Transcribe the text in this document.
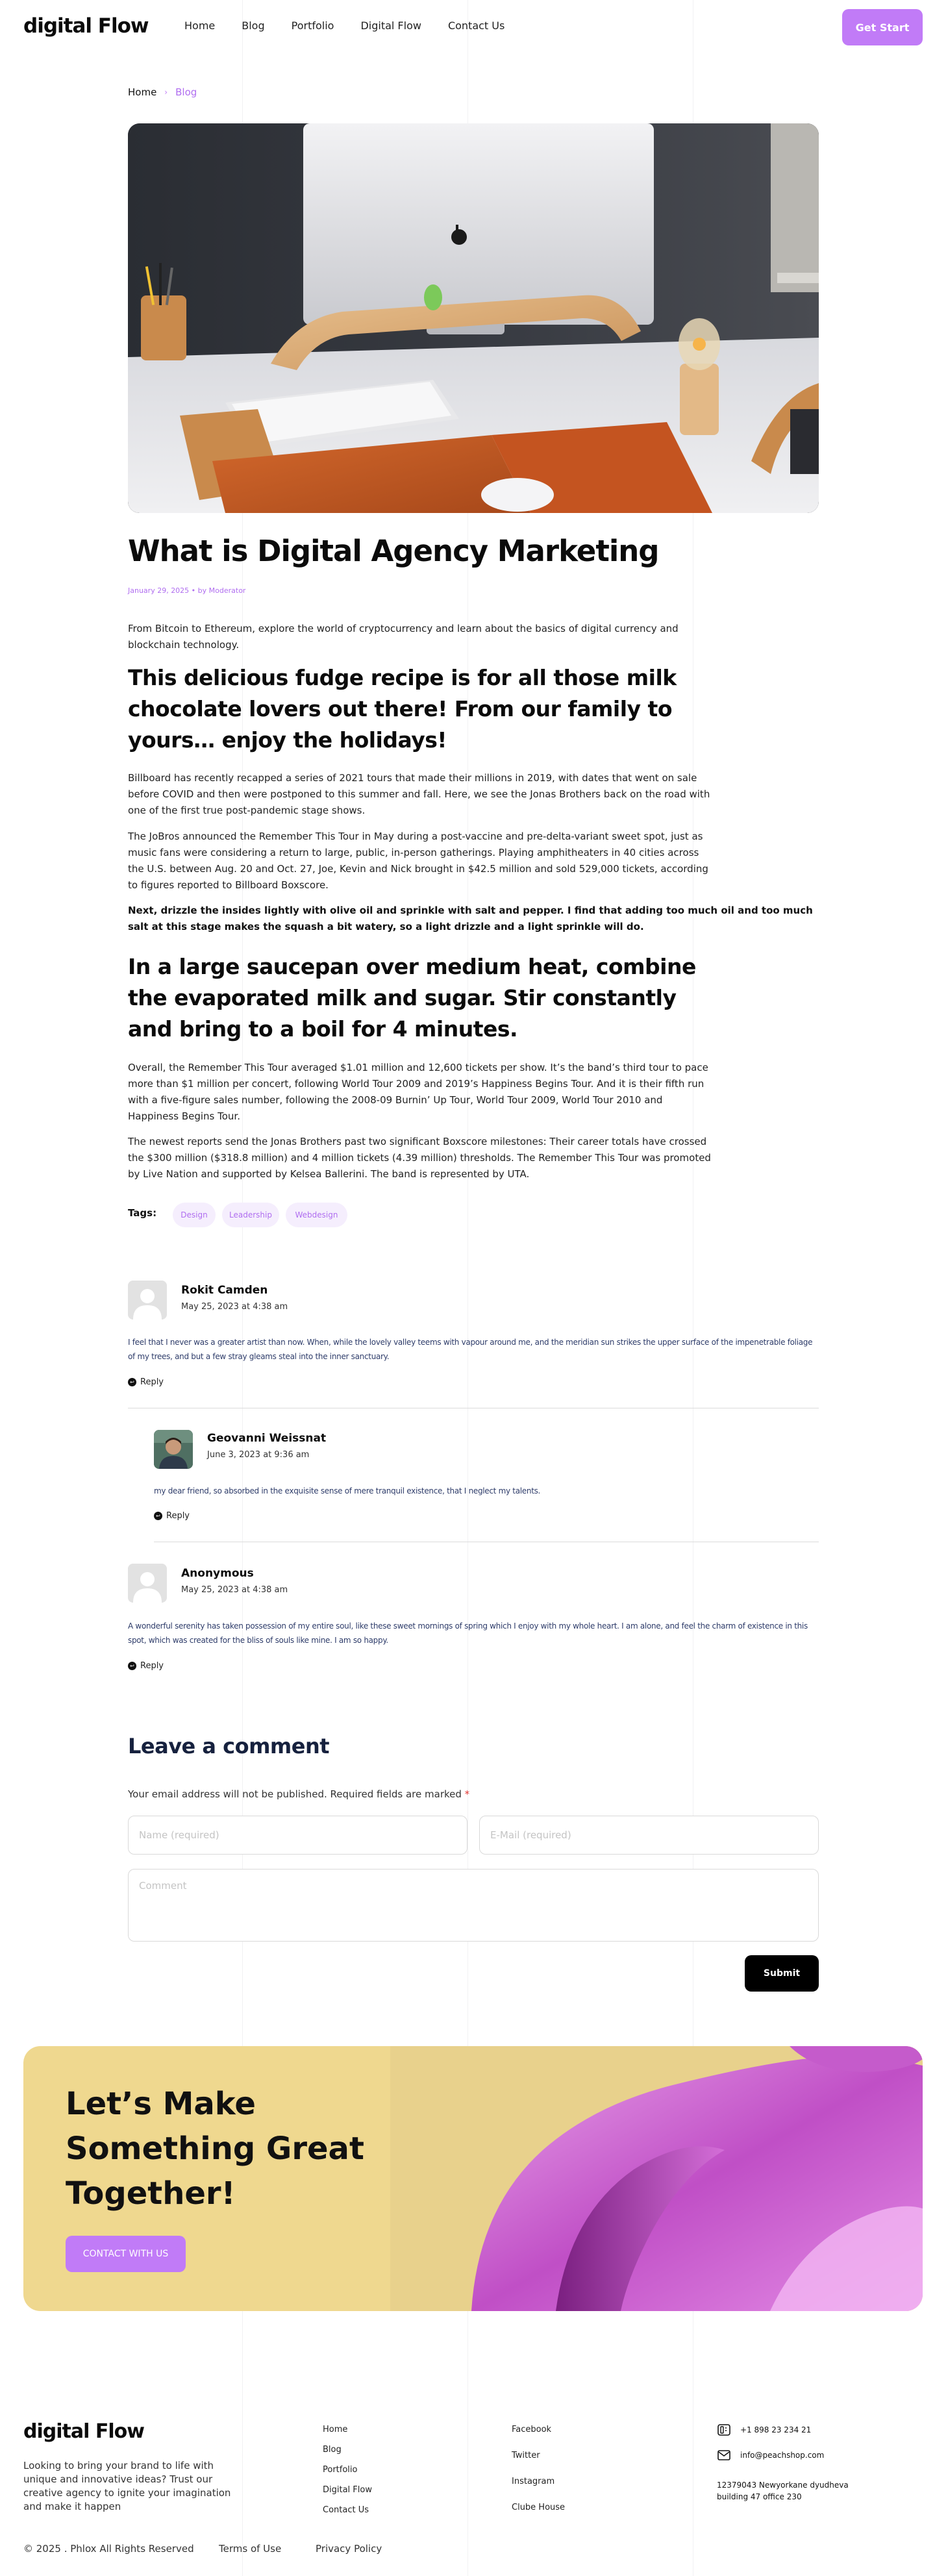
digital Flow	Home	Blog	Portfolio	Digital Flow	Contact Us	Get Start
Home › Blog
What is Digital Agency Marketing
January 29, 2025 • by Moderator

From Bitcoin to Ethereum, explore the world of cryptocurrency and learn about the basics of digital currency and blockchain technology.

This delicious fudge recipe is for all those milk chocolate lovers out there! From our family to yours… enjoy the holidays!

Billboard has recently recapped a series of 2021 tours that made their millions in 2019, with dates that went on sale before COVID and then were postponed to this summer and fall. Here, we see the Jonas Brothers back on the road with one of the first true post-pandemic stage shows.

The JoBros announced the Remember This Tour in May during a post-vaccine and pre-delta-variant sweet spot, just as music fans were considering a return to large, public, in-person gatherings. Playing amphitheaters in 40 cities across the U.S. between Aug. 20 and Oct. 27, Joe, Kevin and Nick brought in $42.5 million and sold 529,000 tickets, according to figures reported to Billboard Boxscore.

Next, drizzle the insides lightly with olive oil and sprinkle with salt and pepper. I find that adding too much oil and too much salt at this stage makes the squash a bit watery, so a light drizzle and a light sprinkle will do.

In a large saucepan over medium heat, combine the evaporated milk and sugar. Stir constantly and bring to a boil for 4 minutes.

Overall, the Remember This Tour averaged $1.01 million and 12,600 tickets per show. It’s the band’s third tour to pace more than $1 million per concert, following World Tour 2009 and 2019’s Happiness Begins Tour. And it is their fifth run with a five-figure sales number, following the 2008-09 Burnin’ Up Tour, World Tour 2009, World Tour 2010 and Happiness Begins Tour.

The newest reports send the Jonas Brothers past two significant Boxscore milestones: Their career totals have crossed the $300 million ($318.8 million) and 4 million tickets (4.39 million) thresholds. The Remember This Tour was promoted by Live Nation and supported by Kelsea Ballerini. The band is represented by UTA.

Tags:	Design	Leadership	Webdesign
Rokit Camden
May 25, 2023 at 4:38 am

I feel that I never was a greater artist than now. When, while the lovely valley teems with vapour around me, and the meridian sun strikes the upper surface of the impenetrable foliage of my trees, and but a few stray gleams steal into the inner sanctuary.

↩ Reply
Geovanni Weissnat
June 3, 2023 at 9:36 am

my dear friend, so absorbed in the exquisite sense of mere tranquil existence, that I neglect my talents.

↩ Reply
Anonymous
May 25, 2023 at 4:38 am

A wonderful serenity has taken possession of my entire soul, like these sweet mornings of spring which I enjoy with my whole heart. I am alone, and feel the charm of existence in this spot, which was created for the bliss of souls like mine. I am so happy.

↩ Reply
Leave a comment
Your email address will not be published. Required fields are marked *
Name (required)
E-Mail (required)
Comment
Submit
Let’s Make
Something Great
Together!
CONTACT WITH US
digital Flow

Looking to bring your brand to life with unique and innovative ideas? Trust our creative agency to ignite your imagination and make it happen

Home
Blog
Portfolio
Digital Flow
Contact Us
Facebook
Twitter
Instagram
Clube House
+1 898 23 234 21
info@peachshop.com
12379043 Newyorkane dyudheva building 47 office 230
© 2025 . Phlox All Rights Reserved	Terms of Use	Privacy Policy
